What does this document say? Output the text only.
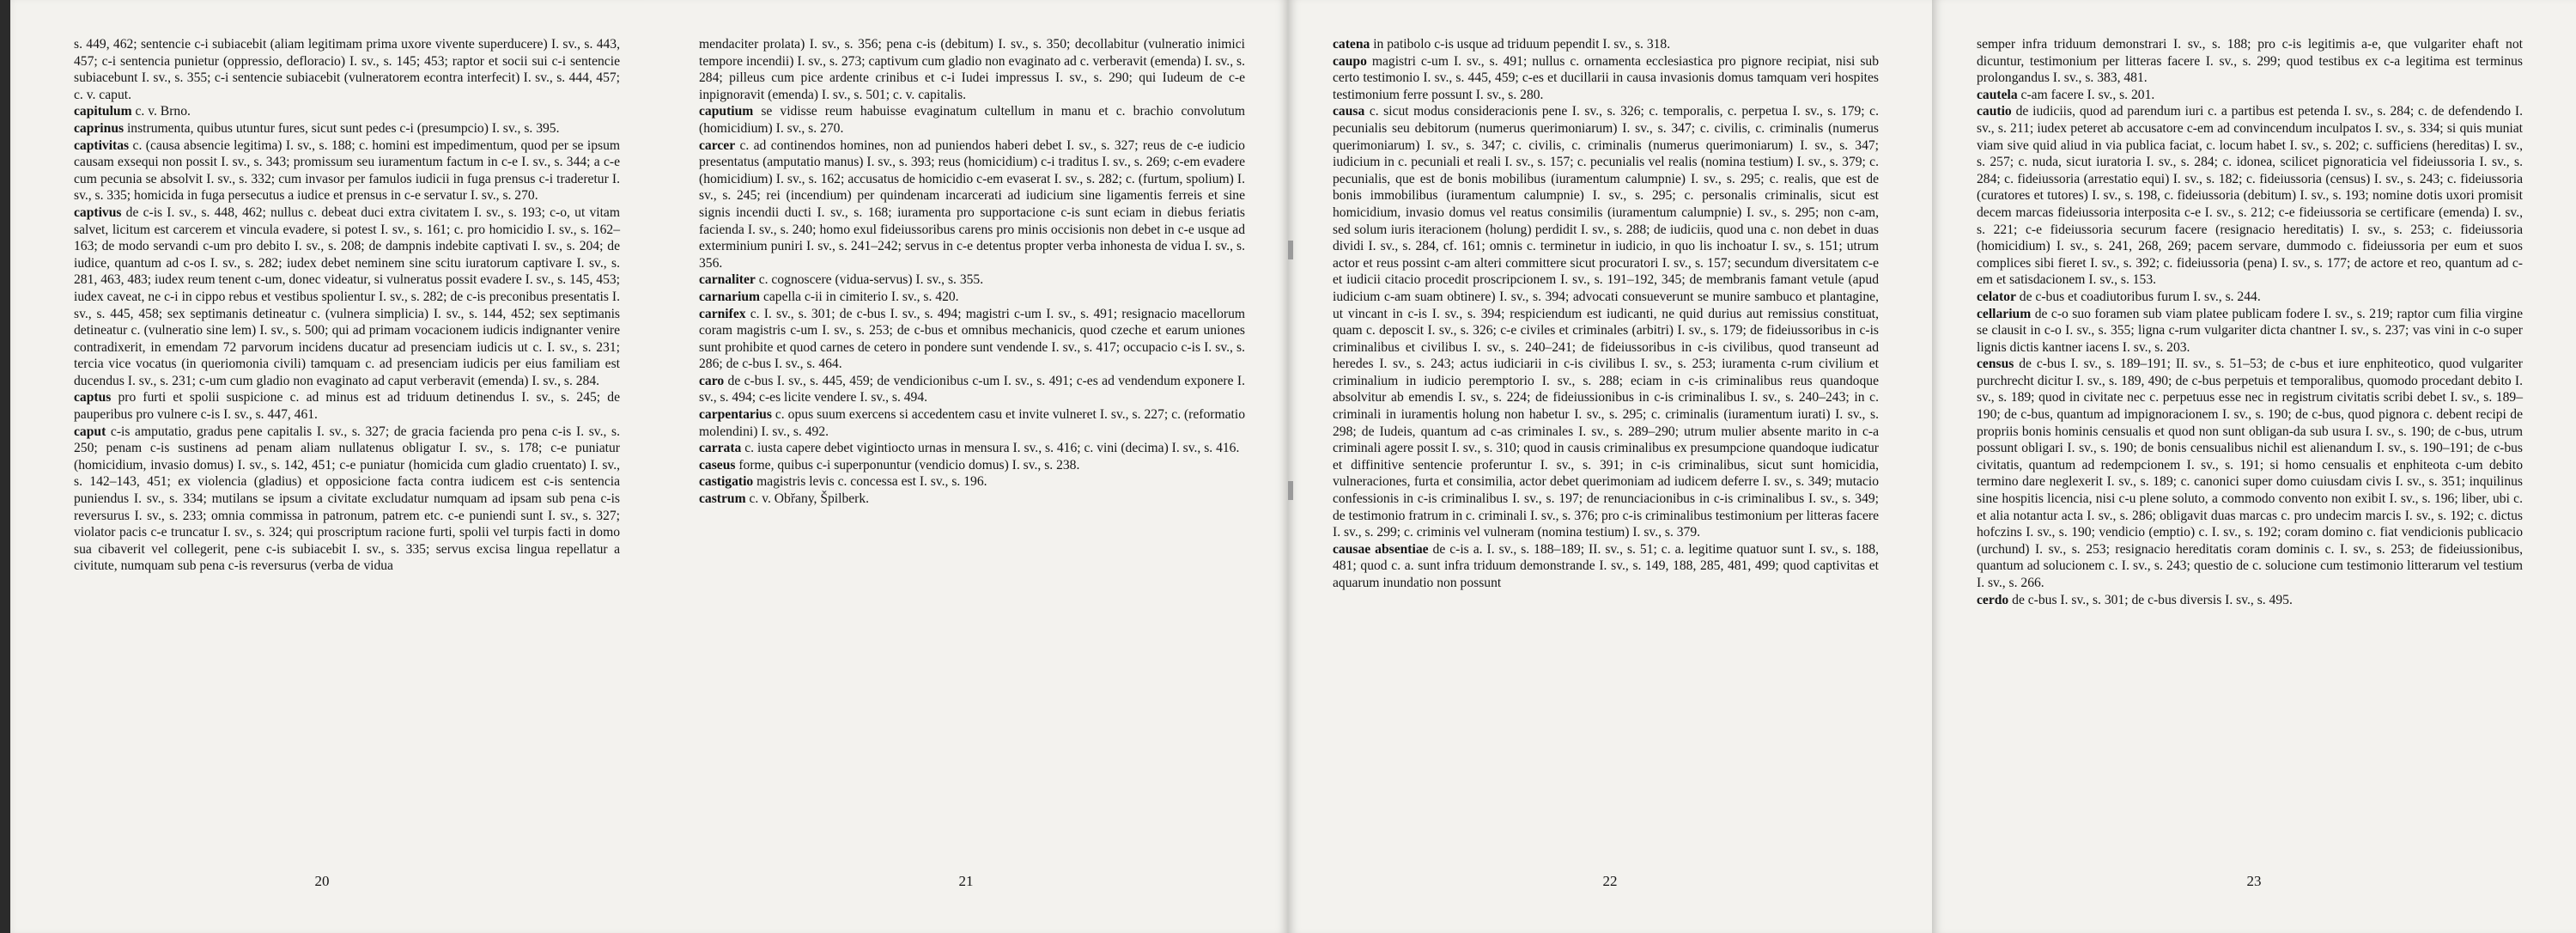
s. 449, 462; sentencie c-i subiacebit (aliam legitimam prima uxore vivente superducere) I. sv., s. 443, 457; c-i sentencia punietur (oppressio, defloracio) I. sv., s. 145; 453; raptor et socii sui c-i sentencie subiacebunt I. sv., s. 355; c-i sentencie subiacebit (vulneratorem econtra interfecit) I. sv., s. 444, 457; c. v. caput.

capitulum c. v. Brno.

caprinus instrumenta, quibus utuntur fures, sicut sunt pedes c-i (presumpcio) I. sv., s. 395.

captivitas c. (causa absencie legitima) I. sv., s. 188; c. homini est impedimentum, quod per se ipsum causam exsequi non possit I. sv., s. 343; promissum seu iuramentum factum in c-e I. sv., s. 344; a c-e cum pecunia se absolvit I. sv., s. 332; cum invasor per famulos iudicii in fuga prensus c-i traderetur I. sv., s. 335; homicida in fuga persecutus a iudice et prensus in c-e servatur I. sv., s. 270.

captivus de c-is I. sv., s. 448, 462; nullus c. debeat duci extra civitatem I. sv., s. 193; c-o, ut vitam salvet, licitum est carcerem et vincula evadere, si potest I. sv., s. 161; c. pro homicidio I. sv., s. 162–163; de modo servandi c-um pro debito I. sv., s. 208; de dampnis indebite captivati I. sv., s. 204; de iudice, quantum ad c-os I. sv., s. 282; iudex debet neminem sine scitu iuratorum captivare I. sv., s. 281, 463, 483; iudex reum tenent c-um, donec videatur, si vulneratus possit evadere I. sv., s. 145, 453; iudex caveat, ne c-i in cippo rebus et vestibus spolientur I. sv., s. 282; de c-is preconibus presentatis I. sv., s. 445, 458; sex septimanis detineatur c. (vulnera simplicia) I. sv., s. 144, 452; sex septimanis detineatur c. (vulneratio sine lem) I. sv., s. 500; qui ad primam vocacionem iudicis indignanter venire contradixerit, in emendam 72 parvorum incidens ducatur ad presenciam iudicis ut c. I. sv., s. 231; tercia vice vocatus (in queriomonia civili) tamquam c. ad presenciam iudicis per eius familiam est ducendus I. sv., s. 231; c-um cum gladio non evaginato ad caput verberavit (emenda) I. sv., s. 284.

captus pro furti et spolii suspicione c. ad minus est ad triduum detinendus I. sv., s. 245; de pauperibus pro vulnere c-is I. sv., s. 447, 461.

caput c-is amputatio, gradus pene capitalis I. sv., s. 327; de gracia facienda pro pena c-is I. sv., s. 250; penam c-is sustinens ad penam aliam nullatenus obligatur I. sv., s. 178; c-e puniatur (homicidium, invasio domus) I. sv., s. 142, 451; c-e puniatur (homicida cum gladio cruentato) I. sv., s. 142–143, 451; ex violencia (gladius) et opposicione facta contra iudicem est c-is sentencia puniendus I. sv., s. 334; mutilans se ipsum a civitate excludatur numquam ad ipsam sub pena c-is reversurus I. sv., s. 233; omnia commissa in patronum, patrem etc. c-e puniendi sunt I. sv., s. 327; violator pacis c-e truncatur I. sv., s. 324; qui proscriptum racione furti, spolii vel turpis facti in domo sua cibaverit vel collegerit, pene c-is subiacebit I. sv., s. 335; servus excisa lingua repellatur a civitute, numquam sub pena c-is reversurus (verba de vidua

20

mendaciter prolata) I. sv., s. 356; pena c-is (debitum) I. sv., s. 350; decollabitur (vulneratio inimici tempore incendii) I. sv., s. 273; captivum cum gladio non evaginato ad c. verberavit (emenda) I. sv., s. 284; pilleus cum pice ardente crinibus et c-i Iudei impressus I. sv., s. 290; qui Iudeum de c-e inpignoravit (emenda) I. sv., s. 501; c. v. capitalis.

caputium se vidisse reum habuisse evaginatum cultellum in manu et c. brachio convolutum (homicidium) I. sv., s. 270.

carcer c. ad continendos homines, non ad puniendos haberi debet I. sv., s. 327; reus de c-e iudicio presentatus (amputatio manus) I. sv., s. 393; reus (homicidium) c-i traditus I. sv., s. 269; c-em evadere (homicidium) I. sv., s. 162; accusatus de homicidio c-em evaserat I. sv., s. 282; c. (furtum, spolium) I. sv., s. 245; rei (incendium) per quindenam incarcerati ad iudicium sine ligamentis ferreis et sine signis incendii ducti I. sv., s. 168; iuramenta pro supportacione c-is sunt eciam in diebus feriatis facienda I. sv., s. 240; homo exul fideiussoribus carens pro minis occisionis non debet in c-e usque ad exterminium puniri I. sv., s. 241–242; servus in c-e detentus propter verba inhonesta de vidua I. sv., s. 356.

carnaliter c. cognoscere (vidua-servus) I. sv., s. 355.

carnarium capella c-ii in cimiterio I. sv., s. 420.

carnifex c. I. sv., s. 301; de c-bus I. sv., s. 494; magistri c-um I. sv., s. 491; resignacio macellorum coram magistris c-um I. sv., s. 253; de c-bus et omnibus mechanicis, quod czeche et earum uniones sunt prohibite et quod carnes de cetero in pondere sunt vendende I. sv., s. 417; occupacio c-is I. sv., s. 286; de c-bus I. sv., s. 464.

caro de c-bus I. sv., s. 445, 459; de vendicionibus c-um I. sv., s. 491; c-es ad vendendum exponere I. sv., s. 494; c-es licite vendere I. sv., s. 494.

carpentarius c. opus suum exercens si accedentem casu et invite vulneret I. sv., s. 227; c. (reformatio molendini) I. sv., s. 492.

carrata c. iusta capere debet vigintiocto urnas in mensura I. sv., s. 416; c. vini (decima) I. sv., s. 416.

caseus forme, quibus c-i superponuntur (vendicio domus) I. sv., s. 238.

castigatio magistris levis c. concessa est I. sv., s. 196.

castrum c. v. Obřany, Špilberk.

21

catena in patibolo c-is usque ad triduum pependit I. sv., s. 318.

caupo magistri c-um I. sv., s. 491; nullus c. ornamenta ecclesiastica pro pignore recipiat, nisi sub certo testimonio I. sv., s. 445, 459; c-es et ducillarii in causa invasionis domus tamquam veri hospites testimonium ferre possunt I. sv., s. 280.

causa c. sicut modus consideracionis pene I. sv., s. 326; c. temporalis, c. perpetua I. sv., s. 179; c. pecunialis seu debitorum (numerus querimoniarum) I. sv., s. 347; c. civilis, c. criminalis (numerus querimoniarum) I. sv., s. 347; c. civilis, c. criminalis (numerus querimoniarum) I. sv., s. 347; iudicium in c. pecuniali et reali I. sv., s. 157; c. pecunialis vel realis (nomina testium) I. sv., s. 379; c. pecunialis, que est de bonis mobilibus (iuramentum calumpnie) I. sv., s. 295; c. realis, que est de bonis immobilibus (iuramentum calumpnie) I. sv., s. 295; c. personalis criminalis, sicut est homicidium, invasio domus vel reatus consimilis (iuramentum calumpnie) I. sv., s. 295; non c-am, sed solum iuris iteracionem (holung) perdidit I. sv., s. 288; de iudiciis, quod una c. non debet in duas dividi I. sv., s. 284, cf. 161; omnis c. terminetur in iudicio, in quo lis inchoatur I. sv., s. 151; utrum actor et reus possint c-am alteri committere sicut procuratori I. sv., s. 157; secundum diversitatem c-e et iudicii citacio procedit proscripcionem I. sv., s. 191–192, 345; de membranis famant vetule (apud iudicium c-am suam obtinere) I. sv., s. 394; advocati consueverunt se munire sambuco et plantagine, ut vincant in c-is I. sv., s. 394; respiciendum est iudicanti, ne quid durius aut remissius constituat, quam c. deposcit I. sv., s. 326; c-e civiles et criminales (arbitri) I. sv., s. 179; de fideiussoribus in c-is criminalibus et civilibus I. sv., s. 240–241; de fideiussoribus in c-is civilibus, quod transeunt ad heredes I. sv., s. 243; actus iudiciarii in c-is civilibus I. sv., s. 253; iuramenta c-rum civilium et criminalium in iudicio peremptorio I. sv., s. 288; eciam in c-is criminalibus reus quandoque absolvitur ab emendis I. sv., s. 224; de fideiussionibus in c-is criminalibus I. sv., s. 240–243; in c. criminali in iuramentis holung non habetur I. sv., s. 295; c. criminalis (iuramentum iurati) I. sv., s. 298; de Iudeis, quantum ad c-as criminales I. sv., s. 289–290; utrum mulier absente marito in c-a criminali agere possit I. sv., s. 310; quod in causis criminalibus ex presumpcione quandoque iudicatur et diffinitive sentencie proferuntur I. sv., s. 391; in c-is criminalibus, sicut sunt homicidia, vulneraciones, furta et consimilia, actor debet querimoniam ad iudicem deferre I. sv., s. 349; mutacio confessionis in c-is criminalibus I. sv., s. 197; de renunciacionibus in c-is criminalibus I. sv., s. 349; de testimonio fratrum in c. criminali I. sv., s. 376; pro c-is criminalibus testimonium per litteras facere I. sv., s. 299; c. criminis vel vulneram (nomina testium) I. sv., s. 379.

causae absentiae de c-is a. I. sv., s. 188–189; II. sv., s. 51; c. a. legitime quatuor sunt I. sv., s. 188, 481; quod c. a. sunt infra triduum demonstrande I. sv., s. 149, 188, 285, 481, 499; quod captivitas et aquarum inundatio non possunt

22

semper infra triduum demonstrari I. sv., s. 188; pro c-is legitimis a-e, que vulgariter ehaft not dicuntur, testimonium per litteras facere I. sv., s. 299; quod testibus ex c-a legitima est terminus prolongandus I. sv., s. 383, 481.

cautela c-am facere I. sv., s. 201.

cautio de iudiciis, quod ad parendum iuri c. a partibus est petenda I. sv., s. 284; c. de defendendo I. sv., s. 211; iudex peteret ab accusatore c-em ad convincendum inculpatos I. sv., s. 334; si quis muniat viam sive quid aliud in via publica faciat, c. locum habet I. sv., s. 202; c. sufficiens (hereditas) I. sv., s. 257; c. nuda, sicut iuratoria I. sv., s. 284; c. idonea, scilicet pignoraticia vel fideiussoria I. sv., s. 284; c. fideiussoria (arrestatio equi) I. sv., s. 182; c. fideiussoria (census) I. sv., s. 243; c. fideiussoria (curatores et tutores) I. sv., s. 198, c. fideiussoria (debitum) I. sv., s. 193; nomine dotis uxori promisit decem marcas fideiussoria interposita c-e I. sv., s. 212; c-e fideiussoria se certificare (emenda) I. sv., s. 221; c-e fideiussoria securum facere (resignacio hereditatis) I. sv., s. 253; c. fideiussoria (homicidium) I. sv., s. 241, 268, 269; pacem servare, dummodo c. fideiussoria per eum et suos complices sibi fieret I. sv., s. 392; c. fideiussoria (pena) I. sv., s. 177; de actore et reo, quantum ad c-em et satisdacionem I. sv., s. 153.

celator de c-bus et coadiutoribus furum I. sv., s. 244.

cellarium de c-o suo foramen sub viam platee publicam fodere I. sv., s. 219; raptor cum filia virgine se clausit in c-o I. sv., s. 355; ligna c-rum vulgariter dicta chantner I. sv., s. 237; vas vini in c-o super lignis dictis kantner iacens I. sv., s. 203.

census de c-bus I. sv., s. 189–191; II. sv., s. 51–53; de c-bus et iure enphiteoticο, quod vulgariter purchrecht dicitur I. sv., s. 189, 490; de c-bus perpetuis et temporalibus, quomodo procedant debito I. sv., s. 189; quod in civitate nec c. perpetuus esse nec in registrum civitatis scribi debet I. sv., s. 189–190; de c-bus, quantum ad impignoracionem I. sv., s. 190; de c-bus, quod pignora c. debent recipi de propriis bonis hominis censualis et quod non sunt obligan-da sub usura I. sv., s. 190; de c-bus, utrum possunt obligari I. sv., s. 190; de bonis censualibus nichil est alienandum I. sv., s. 190–191; de c-bus civitatis, quantum ad redempcionem I. sv., s. 191; si homo censualis et enphiteota c-um debito termino dare neglexerit I. sv., s. 189; c. canonici super domo cuiusdam civis I. sv., s. 351; inquilinus sine hospitis licencia, nisi c-u plene soluto, a commodo convento non exibit I. sv., s. 196; liber, ubi c. et alia notantur acta I. sv., s. 286; obligavit duas marcas c. pro undecim marcis I. sv., s. 192; c. dictus hofczins I. sv., s. 190; vendicio (emptio) c. I. sv., s. 192; coram domino c. fiat vendicionis publicacio (urchund) I. sv., s. 253; resignacio hereditatis coram dominis c. I. sv., s. 253; de fideiussionibus, quantum ad solucionem c. I. sv., s. 243; questio de c. solucione cum testimonio litterarum vel testium I. sv., s. 266.

cerdo de c-bus I. sv., s. 301; de c-bus diversis I. sv., s. 495.

23
